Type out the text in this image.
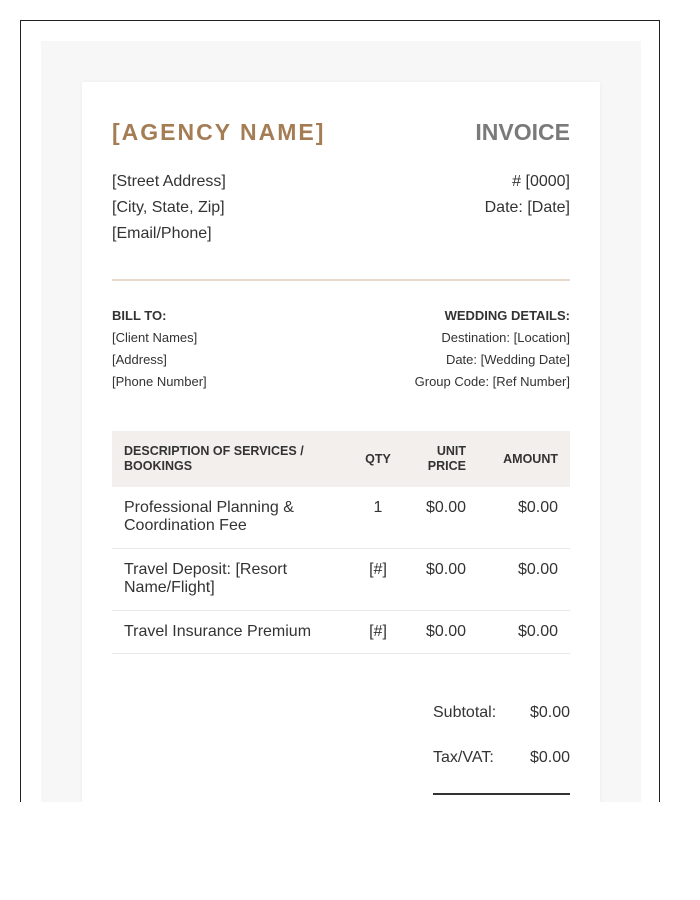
[AGENCY NAME]	INVOICE
[Street Address]
[City, State, Zip]
[Email/Phone]
# [0000]
Date: [Date]
BILL TO:
[Client Names]
[Address]
[Phone Number]
WEDDING DETAILS:
Destination: [Location]
Date: [Wedding Date]
Group Code: [Ref Number]
DESCRIPTION OF SERVICES / BOOKINGS	QTY	UNIT PRICE	AMOUNT
Professional Planning & Coordination Fee	1	$0.00	$0.00
Travel Deposit: [Resort Name/Flight]	[#]	$0.00	$0.00
Travel Insurance Premium	[#]	$0.00	$0.00
Subtotal: $0.00
Tax/VAT: $0.00
